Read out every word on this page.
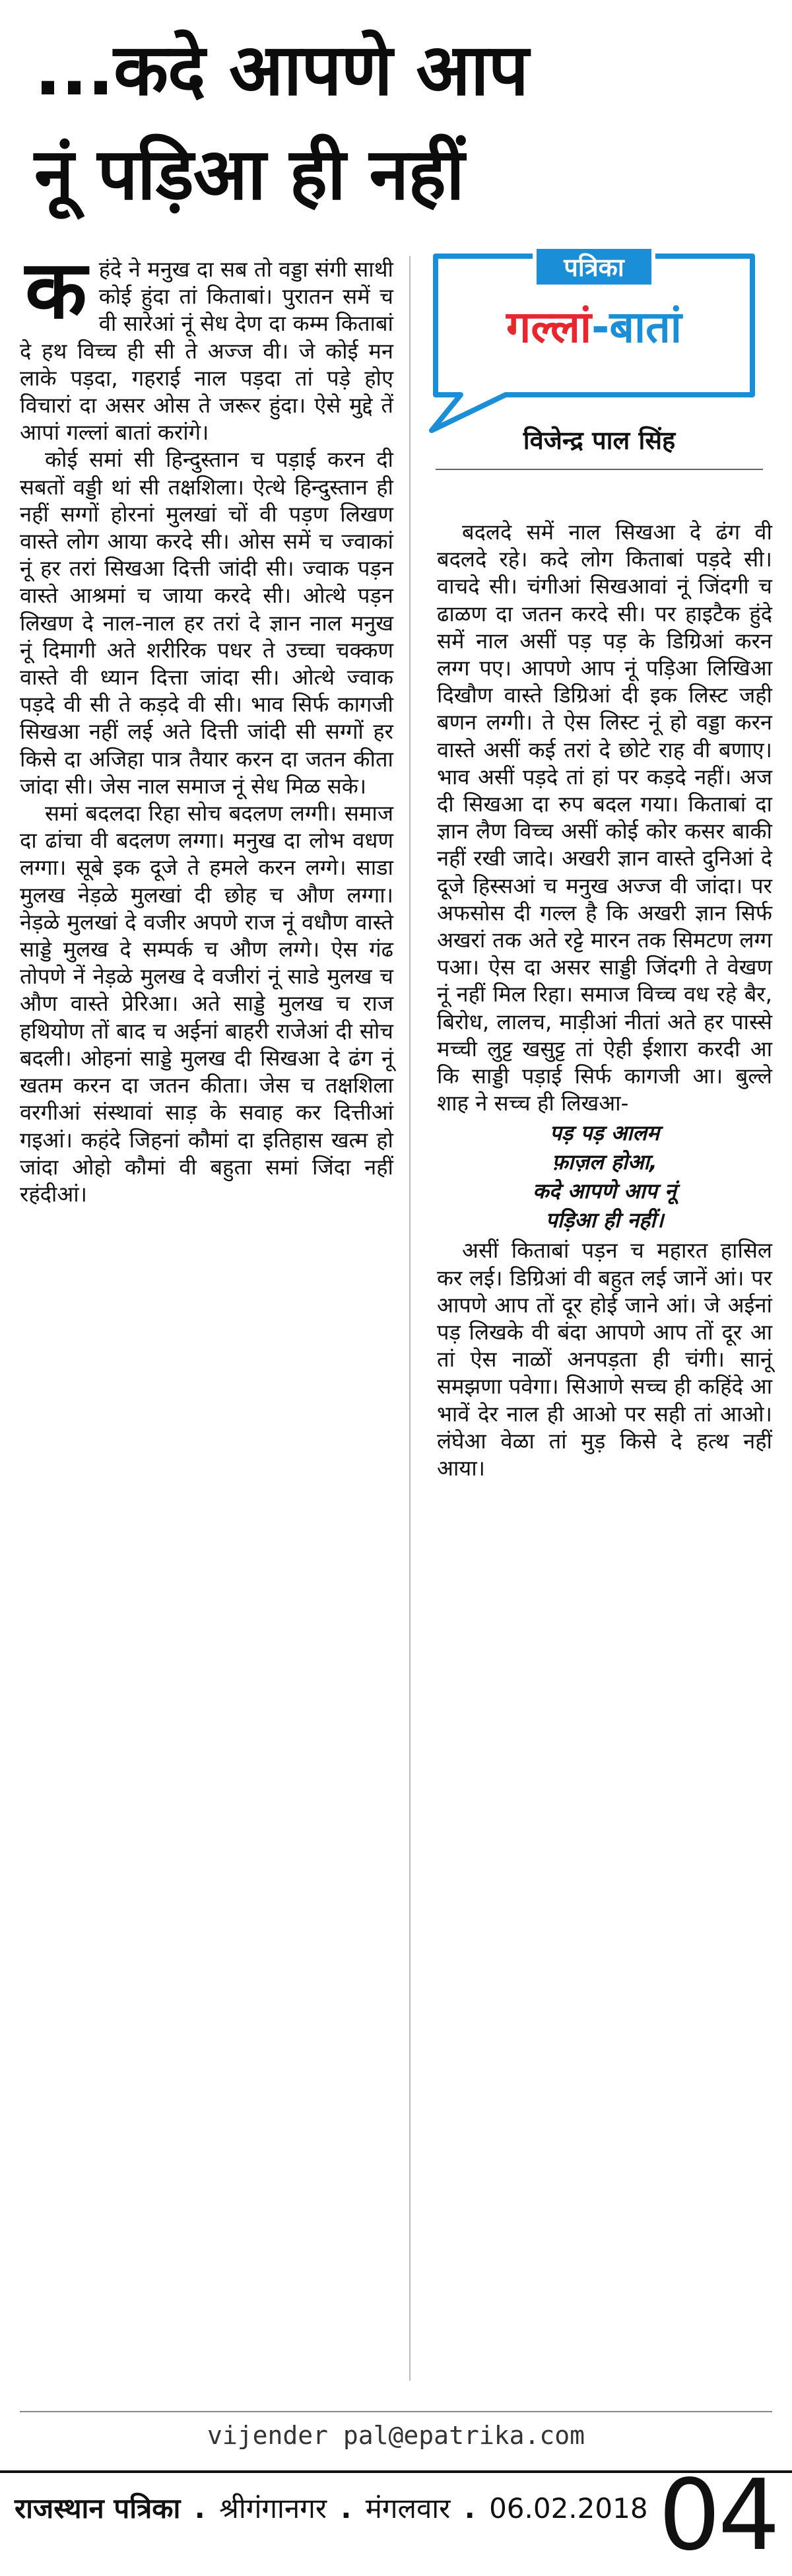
...कदे आपणे आप
नूं पड़िआ ही नहीं
पत्रिका
गल्लां-बातां
विजेन्द्र पाल सिंह
क हंदे ने मनुख दा सब तो वड्डा संगी साथी कोई हुंदा तां किताबां। पुरातन समें च वी सारेआं नूं सेध देण दा कम्म किताबां दे हथ विच्च ही सी ते अज्ज वी। जे कोई मन लाके पड़दा, गहराई नाल पड़दा तां पड़े होए विचारां दा असर ओस ते जरूर हुंदा। ऐसे मुद्दे तें आपां गल्लां बातां करांगे।

कोई समां सी हिन्दुस्तान च पड़ाई करन दी सबतों वड्डी थां सी तक्षशिला। ऐत्थे हिन्दुस्तान ही नहीं सग्गों होरनां मुलखां चों वी पड़ण लिखण वास्ते लोग आया करदे सी। ओस समें च ज्वाकां नूं हर तरां सिखआ दित्ती जांदी सी। ज्वाक पड़न वास्ते आश्रमां च जाया करदे सी। ओत्थे पड़न लिखण दे नाल-नाल हर तरां दे ज्ञान नाल मनुख नूं दिमागी अते शरीरिक पधर ते उच्चा चक्कण वास्ते वी ध्यान दित्ता जांदा सी। ओत्थे ज्वाक पड़दे वी सी ते कड़दे वी सी। भाव सिर्फ कागजी सिखआ नहीं लई अते दित्ती जांदी सी सग्गों हर किसे दा अजिहा पात्र तैयार करन दा जतन कीता जांदा सी। जेस नाल समाज नूं सेध मिळ सके।

समां बदलदा रिहा सोच बदलण लग्गी। समाज दा ढांचा वी बदलण लग्गा। मनुख दा लोभ वधण लग्गा। सूबे इक दूजे ते हमले करन लग्गे। साडा मुलख नेड़ळे मुलखां दी छोह च औण लग्गा। नेड़ळे मुलखां दे वजीर अपणे राज नूं वधौण वास्ते साड्डे मुलख दे सम्पर्क च औण लग्गे। ऐस गंढ तोपणे नें नेड़ळे मुलख दे वजीरां नूं साडे मुलख च औण वास्ते प्रेरिआ। अते साड्डे मुलख च राज हथियोण तों बाद च अईनां बाहरी राजेआं दी सोच बदली। ओहनां साड्डे मुलख दी सिखआ दे ढंग नूं खतम करन दा जतन कीता। जेस च तक्षशिला वरगीआं संस्थावां साड़ के सवाह कर दित्तीआं गइआं। कहंदे जिहनां कौमां दा इतिहास खत्म हो जांदा ओहो कौमां वी बहुता समां जिंदा नहीं रहंदीआं।

बदलदे समें नाल सिखआ दे ढंग वी बदलदे रहे। कदे लोग किताबां पड़दे सी। वाचदे सी। चंगीआं सिखआवां नूं जिंदगी च ढाळण दा जतन करदे सी। पर हाइटैक हुंदे समें नाल असीं पड़ पड़ के डिग्रिआं करन लग्ग पए। आपणे आप नूं पड़िआ लिखिआ दिखौण वास्ते डिग्रिआं दी इक लिस्ट जही बणन लग्गी। ते ऐस लिस्ट नूं हो वड्डा करन वास्ते असीं कई तरां दे छोटे राह वी बणाए। भाव असीं पड़दे तां हां पर कड़दे नहीं। अज दी सिखआ दा रुप बदल गया। किताबां दा ज्ञान लैण विच्च असीं कोई कोर कसर बाकी नहीं रखी जादे। अखरी ज्ञान वास्ते दुनिआं दे दूजे हिस्सआं च मनुख अज्ज वी जांदा। पर अफसोस दी गल्ल है कि अखरी ज्ञान सिर्फ अखरां तक अते रट्टे मारन तक सिमटण लग्ग पआ। ऐस दा असर साड्डी जिंदगी ते वेखण नूं नहीं मिल रिहा। समाज विच्च वध रहे बैर, बिरोध, लालच, माड़ीआं नीतां अते हर पास्से मच्ची लुट्ट खसुट्ट तां ऐही ईशारा करदी आ कि साड्डी पड़ाई सिर्फ कागजी आ। बुल्ले शाह ने सच्च ही लिखआ-

पड़ पड़ आलम
फ़ाज़ल होआ,
कदे आपणे आप नूं
पड़िआ ही नहीं।

असीं किताबां पड़न च महारत हासिल कर लई। डिग्रिआं वी बहुत लई जानें आं। पर आपणे आप तों दूर होई जाने आं। जे अईनां पड़ लिखके वी बंदा आपणे आप तों दूर आ तां ऐस नाळों अनपड़ता ही चंगी। सानूं समझणा पवेगा। सिआणे सच्च ही कहिंदे आ भावें देर नाल ही आओ पर सही तां आओ। लंघेआ वेळा तां मुड़ किसे दे हत्थ नहीं आया।

vijender pal@epatrika.com
राजस्थान पत्रिका . श्रीगंगानगर . मंगलवार . 06.02.2018 04
